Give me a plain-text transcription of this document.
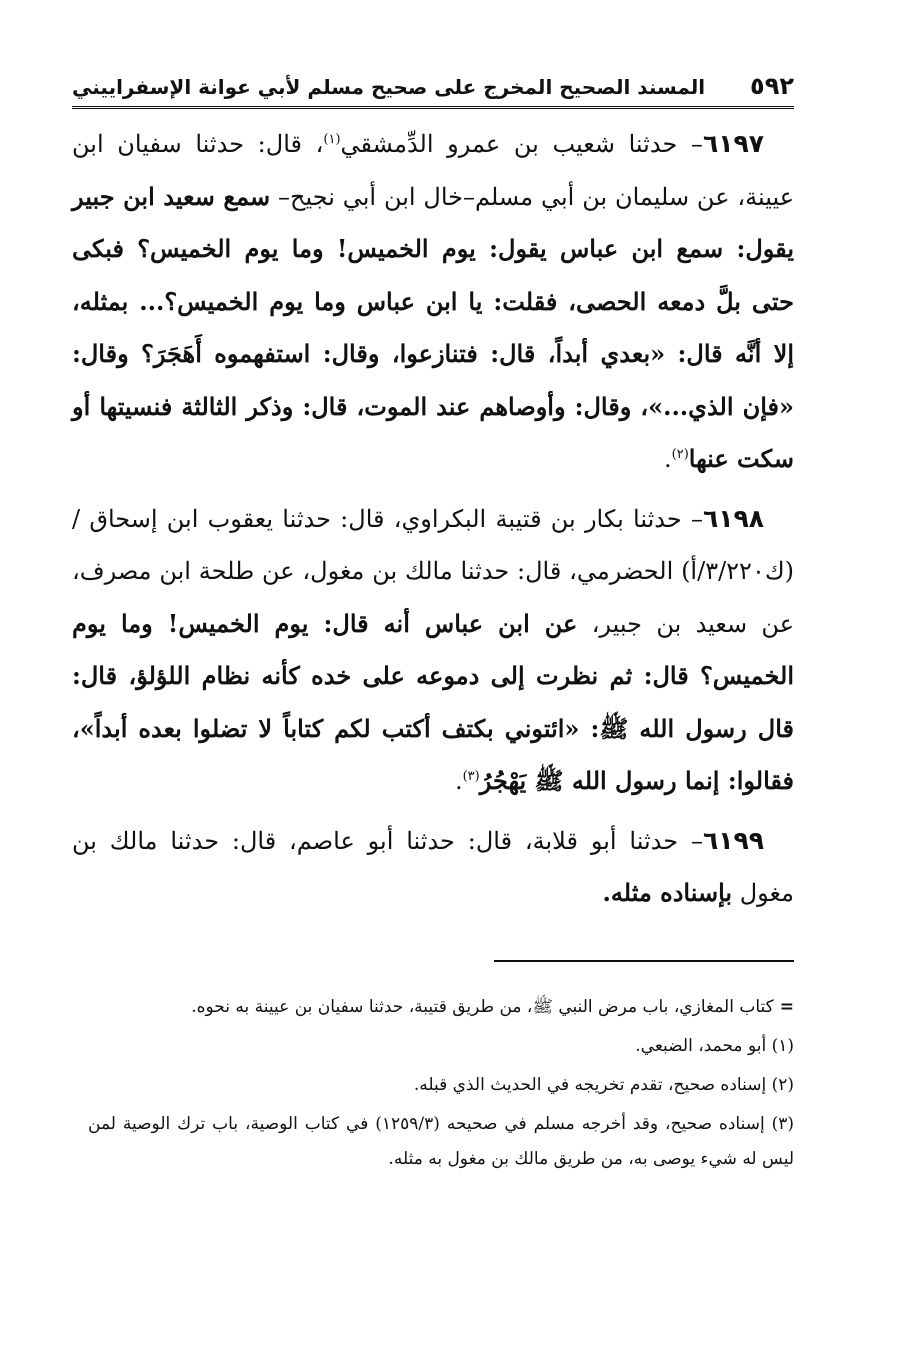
٥٩٢
المسند الصحيح المخرج على صحيح مسلم لأبي عوانة الإسفراييني

٦١٩٧– حدثنا شعيب بن عمرو الدِّمشقي$^{(١)}$، قال: حدثنا سفيان ابن عيينة، عن سليمان بن أبي مسلم–خال ابن أبي نجيح– سمع سعيد ابن جبير يقول: سمع ابن عباس يقول: يوم الخميس! وما يوم الخميس؟ فبكى حتى بلَّ دمعه الحصى، فقلت: يا ابن عباس وما يوم الخميس؟... بمثله، إلا أنَّه قال: «بعدي أبداً، قال: فتنازعوا، وقال: استفهموه أَهَجَرَ؟ وقال: «فإن الذي...»، وقال: وأوصاهم عند الموت، قال: وذكر الثالثة فنسيتها أو سكت عنها$^{(٢)}$.

٦١٩٨– حدثنا بكار بن قتيبة البكراوي، قال: حدثنا يعقوب ابن إسحاق / (ك٣/٢٢٠/أ) الحضرمي، قال: حدثنا مالك بن مغول، عن طلحة ابن مصرف، عن سعيد بن جبير، عن ابن عباس أنه قال: يوم الخميس! وما يوم الخميس؟ قال: ثم نظرت إلى دموعه على خده كأنه نظام اللؤلؤ، قال: قال رسول الله ﷺ: «ائتوني بكتف أكتب لكم كتاباً لا تضلوا بعده أبداً»، فقالوا: إنما رسول الله ﷺ يَهْجُرُ$^{(٣)}$.

٦١٩٩– حدثنا أبو قلابة، قال: حدثنا أبو عاصم، قال: حدثنا مالك بن مغول بإسناده مثله.

=كتاب المغازي، باب مرض النبي ﷺ، من طريق قتيبة، حدثنا سفيان بن عيينة به نحوه.

(١) أبو محمد، الضبعي.

(٢) إسناده صحيح، تقدم تخريجه في الحديث الذي قبله.

(٣) إسناده صحيح، وقد أخرجه مسلم في صحيحه (١٢٥٩/٣) في كتاب الوصية، باب ترك الوصية لمن ليس له شيء يوصى به، من طريق مالك بن مغول به مثله.
